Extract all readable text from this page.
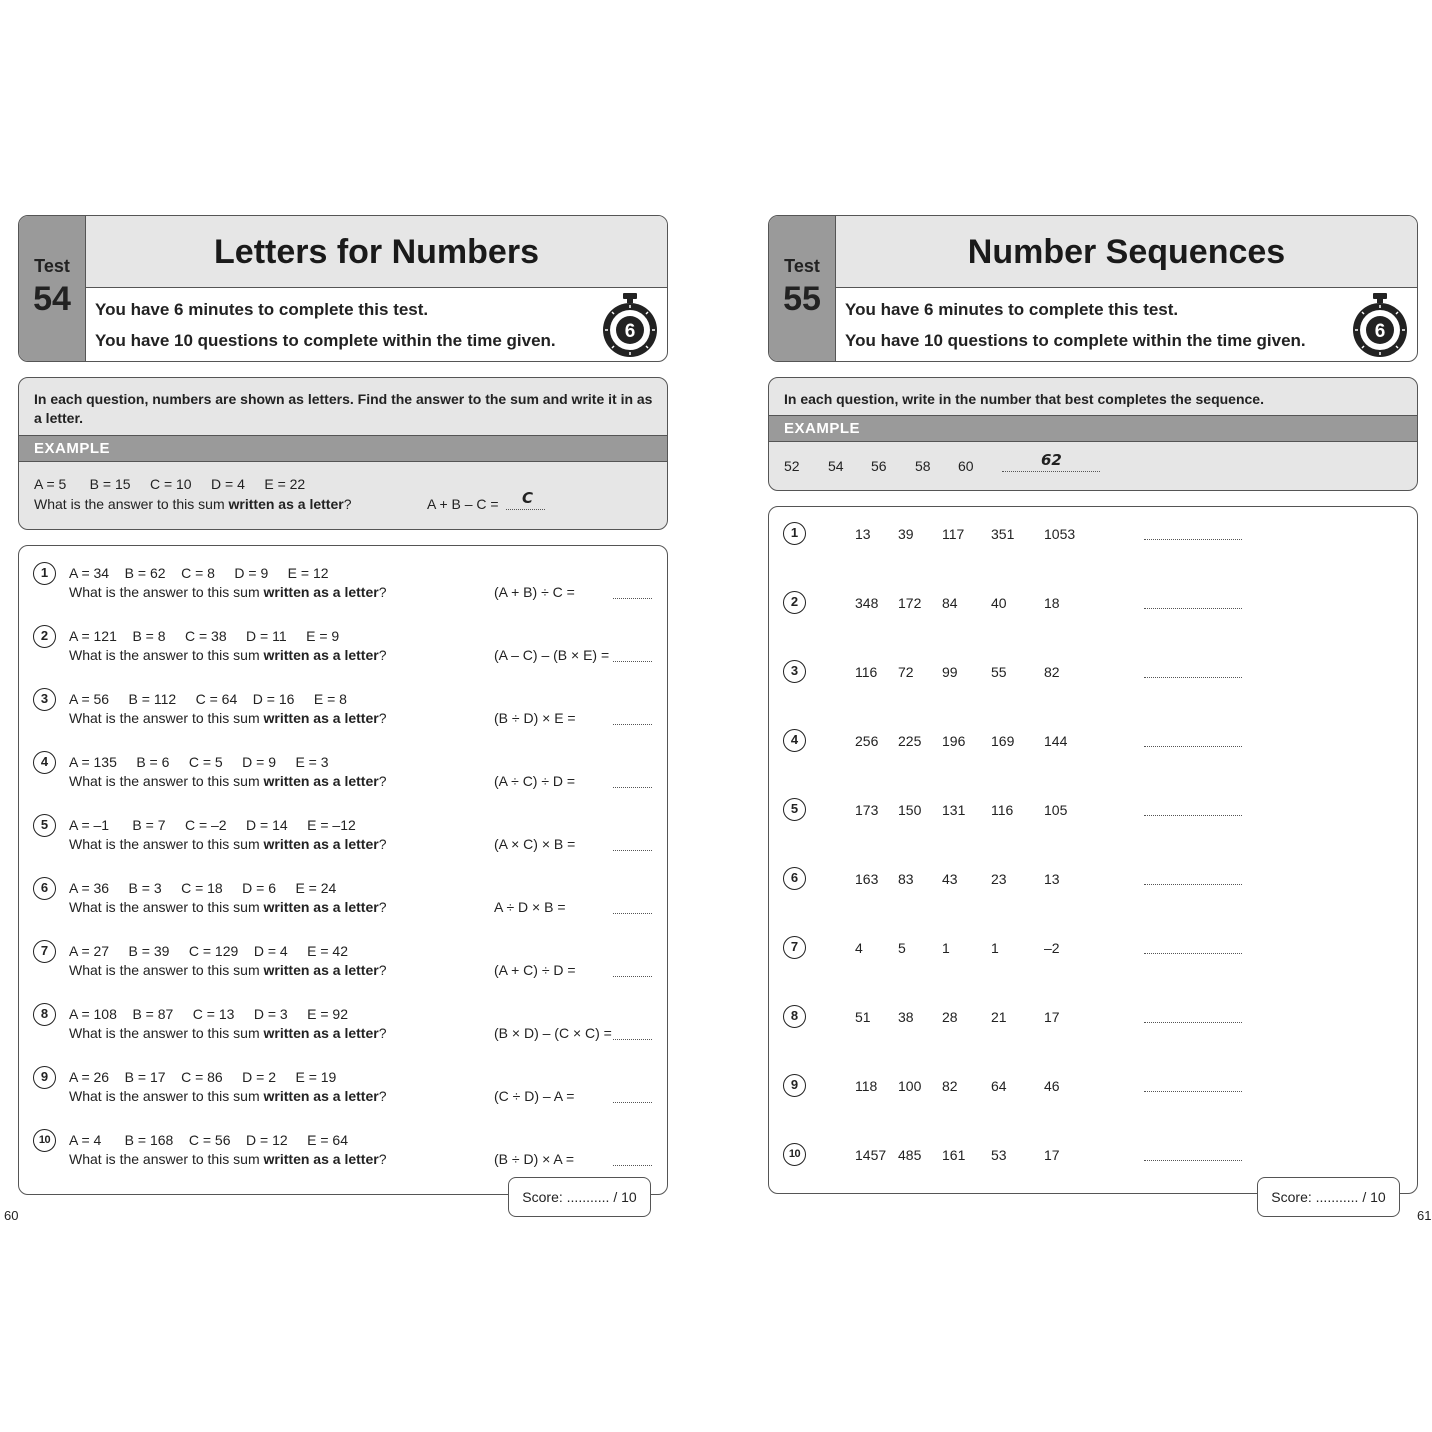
Test
54
Letters for Numbers
You have 6 minutes to complete this test.
You have 10 questions to complete within the time given.	6
In each question, numbers are shown as letters. Find the answer to the sum and write it in as a letter.
EXAMPLE
A = 5      B = 15     C = 10     D = 4     E = 22
What is the answer to this sum written as a letter?	A + B – C = C
1	A = 34    B = 62    C = 8     D = 9     E = 12
What is the answer to this sum written as a letter?	(A + B) ÷ C =
2	A = 121    B = 8     C = 38     D = 11     E = 9
What is the answer to this sum written as a letter?	(A – C) – (B × E) =
3	A = 56     B = 112     C = 64    D = 16     E = 8
What is the answer to this sum written as a letter?	(B ÷ D) × E =
4	A = 135     B = 6     C = 5     D = 9     E = 3
What is the answer to this sum written as a letter?	(A ÷ C) ÷ D =
5	A = –1      B = 7     C = –2     D = 14     E = –12
What is the answer to this sum written as a letter?	(A × C) × B =
6	A = 36     B = 3     C = 18     D = 6     E = 24
What is the answer to this sum written as a letter?	A ÷ D × B =
7	A = 27     B = 39     C = 129    D = 4     E = 42
What is the answer to this sum written as a letter?	(A + C) ÷ D =
8	A = 108    B = 87     C = 13     D = 3     E = 92
What is the answer to this sum written as a letter?	(B × D) – (C × C) =
9	A = 26    B = 17    C = 86     D = 2     E = 19
What is the answer to this sum written as a letter?	(C ÷ D) – A =
10	A = 4      B = 168    C = 56    D = 12     E = 64
What is the answer to this sum written as a letter?	(B ÷ D) × A =
Score: ........... / 10
60
Test
55
Number Sequences
You have 6 minutes to complete this test.
You have 10 questions to complete within the time given.	6
In each question, write in the number that best completes the sequence.
EXAMPLE
52 54 56 58 60	62
1	13 39 117 351 1053
2	348 172 84 40	18
3	116 72 99 55	82
4	256 225 196 169 144
5	173 150 131 116 105
6	163 83 43 23	13
7	4	5	1	1	–2
8	51 38 28 21	17
9	118 100 82 64	46
10	1457 485 161 53	17
Score: ........... / 10
61
